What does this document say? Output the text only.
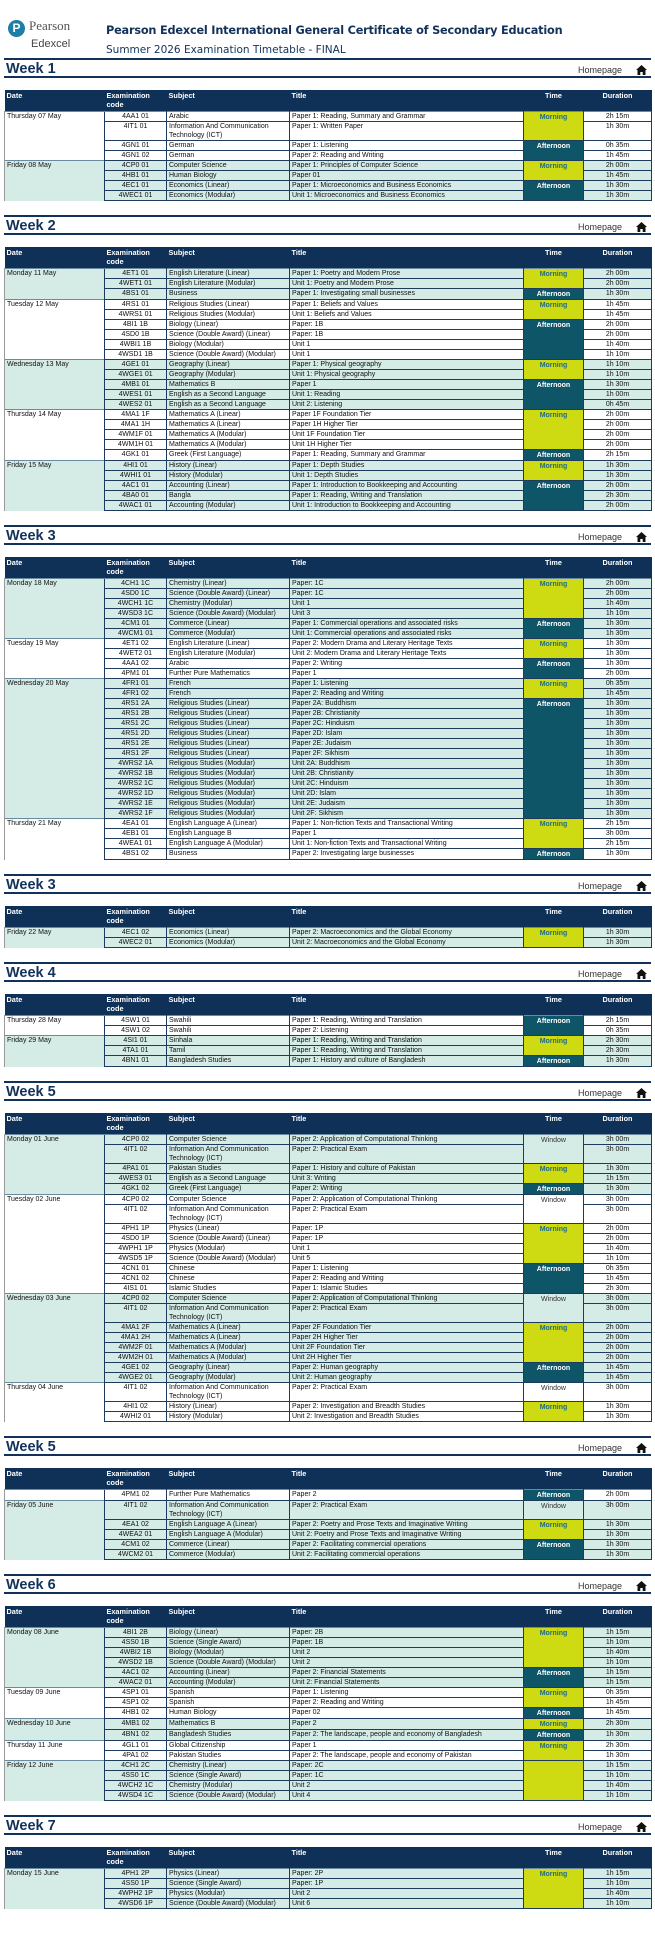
P Pearson
Edexcel
Pearson Edexcel International General Certificate of Secondary Education
Summer 2026 Examination Timetable - FINAL
Week 1	Homepage
Date	Examination code	Subject	Title	Time	Duration
Thursday 07 May	4AA1 01	Arabic	Paper 1: Reading, Summary and Grammar	Morning	2h 15m
	4IT1 01	Information And Communication Technology (ICT)	Paper 1: Written Paper		1h 30m
	4GN1 01	German	Paper 1: Listening	Afternoon	0h 35m
	4GN1 02	German	Paper 2: Reading and Writing		1h 45m
Friday 08 May	4CP0 01	Computer Science	Paper 1: Principles of Computer Science	Morning	2h 00m
	4HB1 01	Human Biology	Paper 01		1h 45m
	4EC1 01	Economics (Linear)	Paper 1: Microeconomics and Business Economics	Afternoon	1h 30m
	4WEC1 01	Economics (Modular)	Unit 1: Microeconomics and Business Economics		1h 30m
Week 2	Homepage
Date	Examination code	Subject	Title	Time	Duration
Monday 11 May	4ET1 01	English Literature (Linear)	Paper 1: Poetry and Modern Prose	Morning	2h 00m
	4WET1 01	English Literature (Modular)	Unit 1: Poetry and Modern Prose		2h 00m
	4BS1 01	Business	Paper 1: Investigating small businesses	Afternoon	1h 30m
Tuesday 12 May	4RS1 01	Religious Studies (Linear)	Paper 1: Beliefs and Values	Morning	1h 45m
	4WRS1 01	Religious Studies (Modular)	Unit 1: Beliefs and Values		1h 45m
	4BI1 1B	Biology (Linear)	Paper: 1B	Afternoon	2h 00m
	4SD0 1B	Science (Double Award) (Linear)	Paper: 1B		2h 00m
	4WBI1 1B	Biology (Modular)	Unit 1		1h 40m
	4WSD1 1B	Science (Double Award) (Modular)	Unit 1		1h 10m
Wednesday 13 May	4GE1 01	Geography (Linear)	Paper 1: Physical geography	Morning	1h 10m
	4WGE1 01	Geography (Modular)	Unit 1: Physical geography		1h 10m
	4MB1 01	Mathematics B	Paper 1	Afternoon	1h 30m
	4WES1 01	English as a Second Language	Unit 1: Reading		1h 00m
	4WES2 01	English as a Second Language	Unit 2: Listening		0h 45m
Thursday 14 May	4MA1 1F	Mathematics A (Linear)	Paper 1F Foundation Tier	Morning	2h 00m
	4MA1 1H	Mathematics A (Linear)	Paper 1H Higher Tier		2h 00m
	4WM1F 01	Mathematics A (Modular)	Unit 1F Foundation Tier		2h 00m
	4WM1H 01	Mathematics A (Modular)	Unit 1H Higher Tier		2h 00m
	4GK1 01	Greek (First Language)	Paper 1: Reading, Summary and Grammar	Afternoon	2h 15m
Friday 15 May	4HI1 01	History (Linear)	Paper 1: Depth Studies	Morning	1h 30m
	4WHI1 01	History (Modular)	Unit 1: Depth Studies		1h 30m
	4AC1 01	Accounting (Linear)	Paper 1: Introduction to Bookkeeping and Accounting	Afternoon	2h 00m
	4BA0 01	Bangla	Paper 1: Reading, Writing and Translation		2h 30m
	4WAC1 01	Accounting (Modular)	Unit 1: Introduction to Bookkeeping and Accounting		2h 00m
Week 3	Homepage
Date	Examination code	Subject	Title	Time	Duration
Monday 18 May	4CH1 1C	Chemistry (Linear)	Paper: 1C	Morning	2h 00m
	4SD0 1C	Science (Double Award) (Linear)	Paper: 1C		2h 00m
	4WCH1 1C	Chemistry (Modular)	Unit 1		1h 40m
	4WSD3 1C	Science (Double Award) (Modular)	Unit 3		1h 10m
	4CM1 01	Commerce (Linear)	Paper 1: Commercial operations and associated risks	Afternoon	1h 30m
	4WCM1 01	Commerce (Modular)	Unit 1: Commercial operations and associated risks		1h 30m
Tuesday 19 May	4ET1 02	English Literature (Linear)	Paper 2: Modern Drama and Literary Heritage Texts	Morning	1h 30m
	4WET2 01	English Literature (Modular)	Unit 2: Modern Drama and Literary Heritage Texts		1h 30m
	4AA1 02	Arabic	Paper 2: Writing	Afternoon	1h 30m
	4PM1 01	Further Pure Mathematics	Paper 1		2h 00m
Wednesday 20 May	4FR1 01	French	Paper 1: Listening	Morning	0h 35m
	4FR1 02	French	Paper 2: Reading and Writing		1h 45m
	4RS1 2A	Religious Studies (Linear)	Paper 2A: Buddhism	Afternoon	1h 30m
	4RS1 2B	Religious Studies (Linear)	Paper 2B: Christianity		1h 30m
	4RS1 2C	Religious Studies (Linear)	Paper 2C: Hinduism		1h 30m
	4RS1 2D	Religious Studies (Linear)	Paper 2D: Islam		1h 30m
	4RS1 2E	Religious Studies (Linear)	Paper 2E: Judaism		1h 30m
	4RS1 2F	Religious Studies (Linear)	Paper 2F: Sikhism		1h 30m
	4WRS2 1A	Religious Studies (Modular)	Unit 2A: Buddhism		1h 30m
	4WRS2 1B	Religious Studies (Modular)	Unit 2B: Christianity		1h 30m
	4WRS2 1C	Religious Studies (Modular)	Unit 2C: Hinduism		1h 30m
	4WRS2 1D	Religious Studies (Modular)	Unit 2D: Islam		1h 30m
	4WRS2 1E	Religious Studies (Modular)	Unit 2E: Judaism		1h 30m
	4WRS2 1F	Religious Studies (Modular)	Unit 2F: Sikhism		1h 30m
Thursday 21 May	4EA1 01	English Language A (Linear)	Paper 1: Non-fiction Texts and Transactional Writing	Morning	2h 15m
	4EB1 01	English Language B	Paper 1		3h 00m
	4WEA1 01	English Language A (Modular)	Unit 1: Non-fiction Texts and Transactional Writing		2h 15m
	4BS1 02	Business	Paper 2: Investigating large businesses	Afternoon	1h 30m
Week 3	Homepage
Date	Examination code	Subject	Title	Time	Duration
Friday 22 May	4EC1 02	Economics (Linear)	Paper 2: Macroeconomics and the Global Economy	Morning	1h 30m
	4WEC2 01	Economics (Modular)	Unit 2: Macroeconomics and the Global Economy		1h 30m
Week 4	Homepage
Date	Examination code	Subject	Title	Time	Duration
Thursday 28 May	4SW1 01	Swahili	Paper 1: Reading, Writing and Translation	Afternoon	2h 15m
	4SW1 02	Swahili	Paper 2: Listening		0h 35m
Friday 29 May	4SI1 01	Sinhala	Paper 1: Reading, Writing and Translation	Morning	2h 30m
	4TA1 01	Tamil	Paper 1: Reading, Writing and Translation		2h 30m
	4BN1 01	Bangladesh Studies	Paper 1: History and culture of Bangladesh	Afternoon	1h 30m
Week 5	Homepage
Date	Examination code	Subject	Title	Time	Duration
Monday 01 June	4CP0 02	Computer Science	Paper 2: Application of Computational Thinking	Window	3h 00m
	4IT1 02	Information And Communication Technology (ICT)	Paper 2: Practical Exam		3h 00m
	4PA1 01	Pakistan Studies	Paper 1: History and culture of Pakistan	Morning	1h 30m
	4WES3 01	English as a Second Language	Unit 3: Writing		1h 15m
	4GK1 02	Greek (First Language)	Paper 2: Writing	Afternoon	1h 30m
Tuesday 02 June	4CP0 02	Computer Science	Paper 2: Application of Computational Thinking	Window	3h 00m
	4IT1 02	Information And Communication Technology (ICT)	Paper 2: Practical Exam		3h 00m
	4PH1 1P	Physics (Linear)	Paper: 1P	Morning	2h 00m
	4SD0 1P	Science (Double Award) (Linear)	Paper: 1P		2h 00m
	4WPH1 1P	Physics (Modular)	Unit 1		1h 40m
	4WSD5 1P	Science (Double Award) (Modular)	Unit 5		1h 10m
	4CN1 01	Chinese	Paper 1: Listening	Afternoon	0h 35m
	4CN1 02	Chinese	Paper 2: Reading and Writing		1h 45m
	4IS1 01	Islamic Studies	Paper 1: Islamic Studies		2h 30m
Wednesday 03 June	4CP0 02	Computer Science	Paper 2: Application of Computational Thinking	Window	3h 00m
	4IT1 02	Information And Communication Technology (ICT)	Paper 2: Practical Exam		3h 00m
	4MA1 2F	Mathematics A (Linear)	Paper 2F Foundation Tier	Morning	2h 00m
	4MA1 2H	Mathematics A (Linear)	Paper 2H Higher Tier		2h 00m
	4WM2F 01	Mathematics A (Modular)	Unit 2F Foundation Tier		2h 00m
	4WM2H 01	Mathematics A (Modular)	Unit 2H Higher Tier		2h 00m
	4GE1 02	Geography (Linear)	Paper 2: Human geography	Afternoon	1h 45m
	4WGE2 01	Geography (Modular)	Unit 2: Human geography		1h 45m
Thursday 04 June	4IT1 02	Information And Communication Technology (ICT)	Paper 2: Practical Exam	Window	3h 00m
	4HI1 02	History (Linear)	Paper 2: Investigation and Breadth Studies	Morning	1h 30m
	4WHI2 01	History (Modular)	Unit 2: Investigation and Breadth Studies		1h 30m
Week 5	Homepage
Date	Examination code	Subject	Title	Time	Duration
	4PM1 02	Further Pure Mathematics	Paper 2	Afternoon	2h 00m
Friday 05 June	4IT1 02	Information And Communication Technology (ICT)	Paper 2: Practical Exam	Window	3h 00m
	4EA1 02	English Language A (Linear)	Paper 2: Poetry and Prose Texts and Imaginative Writing	Morning	1h 30m
	4WEA2 01	English Language A (Modular)	Unit 2: Poetry and Prose Texts and Imaginative Writing		1h 30m
	4CM1 02	Commerce (Linear)	Paper 2: Facilitating commercial operations	Afternoon	1h 30m
	4WCM2 01	Commerce (Modular)	Unit 2: Facilitating commercial operations		1h 30m
Week 6	Homepage
Date	Examination code	Subject	Title	Time	Duration
Monday 08 June	4BI1 2B	Biology (Linear)	Paper: 2B	Morning	1h 15m
	4SS0 1B	Science (Single Award)	Paper: 1B		1h 10m
	4WBI2 1B	Biology (Modular)	Unit 2		1h 40m
	4WSD2 1B	Science (Double Award) (Modular)	Unit 2		1h 10m
	4AC1 02	Accounting (Linear)	Paper 2: Financial Statements	Afternoon	1h 15m
	4WAC2 01	Accounting (Modular)	Unit 2: Financial Statements		1h 15m
Tuesday 09 June	4SP1 01	Spanish	Paper 1: Listening	Morning	0h 35m
	4SP1 02	Spanish	Paper 2: Reading and Writing		1h 45m
	4HB1 02	Human Biology	Paper 02	Afternoon	1h 45m
Wednesday 10 June	4MB1 02	Mathematics B	Paper 2	Morning	2h 30m
	4BN1 02	Bangladesh Studies	Paper 2: The landscape, people and economy of Bangladesh	Afternoon	1h 30m
Thursday 11 June	4GL1 01	Global Citizenship	Paper 1	Morning	2h 30m
	4PA1 02	Pakistan Studies	Paper 2: The landscape, people and economy of Pakistan		1h 30m
Friday 12 June	4CH1 2C	Chemistry (Linear)	Paper: 2C		1h 15m
	4SS0 1C	Science (Single Award)	Paper: 1C		1h 10m
	4WCH2 1C	Chemistry (Modular)	Unit 2		1h 40m
	4WSD4 1C	Science (Double Award) (Modular)	Unit 4		1h 10m
Week 7	Homepage
Date	Examination code	Subject	Title	Time	Duration
Monday 15 June	4PH1 2P	Physics (Linear)	Paper: 2P	Morning	1h 15m
	4SS0 1P	Science (Single Award)	Paper: 1P		1h 10m
	4WPH2 1P	Physics (Modular)	Unit 2		1h 40m
	4WSD6 1P	Science (Double Award) (Modular)	Unit 6		1h 10m
